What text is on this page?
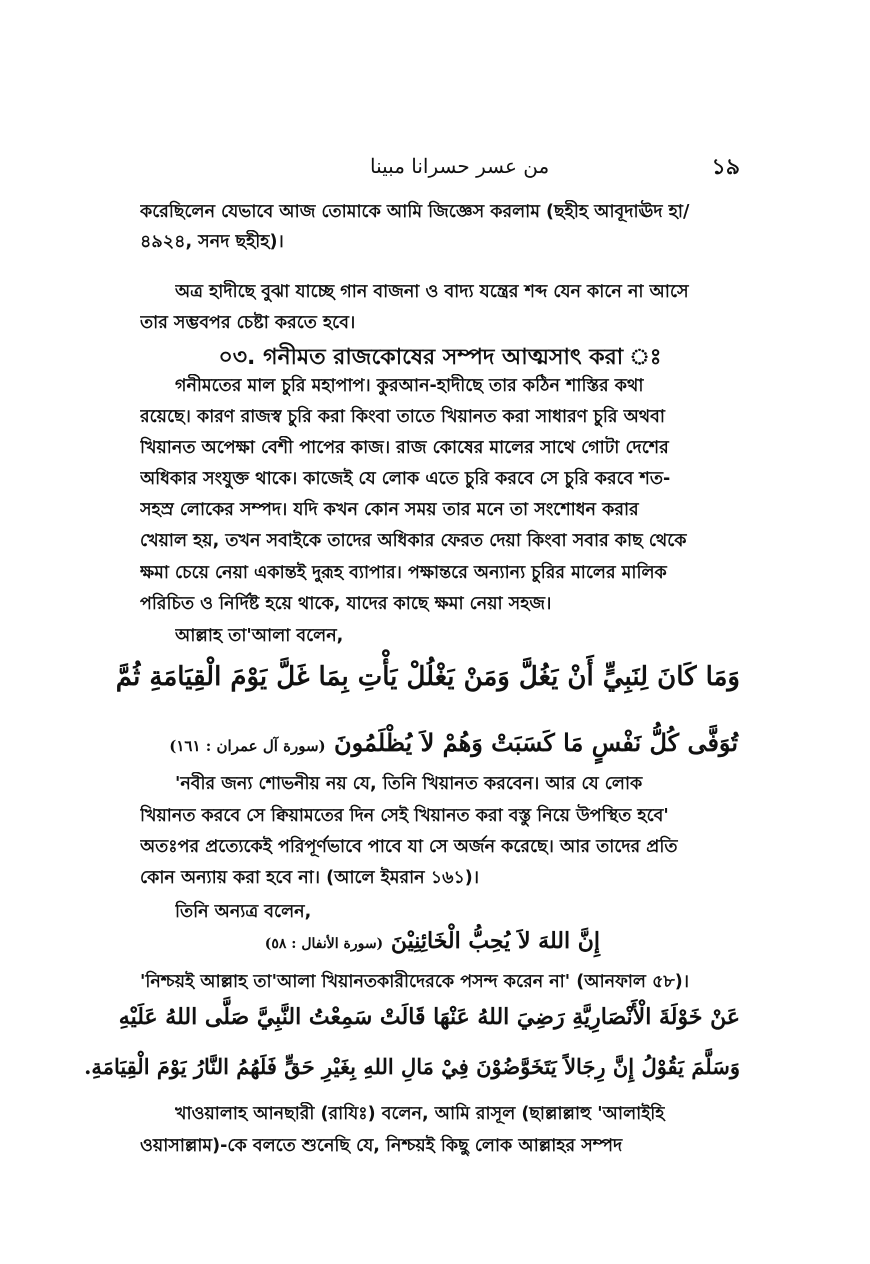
من عسر حسرانا مبينا	১৯
করেছিলেন যেভাবে আজ তোমাকে আমি জিজ্ঞেস করলাম (ছহীহ আবূদাঊদ হা/
৪৯২৪, সনদ ছহীহ)।
অত্র হাদীছে বুঝা যাচ্ছে গান বাজনা ও বাদ্য যন্ত্রের শব্দ যেন কানে না আসে
তার সম্ভবপর চেষ্টা করতে হবে।
০৩. গনীমত রাজকোষের সম্পদ আত্মসাৎ করা ঃ
গনীমতের মাল চুরি মহাপাপ। কুরআন-হাদীছে তার কঠিন শাস্তির কথা
রয়েছে। কারণ রাজস্ব চুরি করা কিংবা তাতে খিয়ানত করা সাধারণ চুরি অথবা
খিয়ানত অপেক্ষা বেশী পাপের কাজ। রাজ কোষের মালের সাথে গোটা দেশের
অধিকার সংযুক্ত থাকে। কাজেই যে লোক এতে চুরি করবে সে চুরি করবে শত-
সহস্র লোকের সম্পদ। যদি কখন কোন সময় তার মনে তা সংশোধন করার
খেয়াল হয়, তখন সবাইকে তাদের অধিকার ফেরত দেয়া কিংবা সবার কাছ থেকে
ক্ষমা চেয়ে নেয়া একান্তই দুরূহ ব্যাপার। পক্ষান্তরে অন্যান্য চুরির মালের মালিক
পরিচিত ও নির্দিষ্ট হয়ে থাকে, যাদের কাছে ক্ষমা নেয়া সহজ।
আল্লাহ তা'আলা বলেন,
وَمَا كَانَ لِنَبِيٍّ أَنْ يَغُلَّ وَمَنْ يَغْلُلْ يَأْتِ بِمَا غَلَّ يَوْمَ الْقِيَامَةِ ثُمَّ
تُوَفَّى كُلُّ نَفْسٍ مَا كَسَبَتْ وَهُمْ لاَ يُظْلَمُونَ (سورة آل عمران : ١٦١)
'নবীর জন্য শোভনীয় নয় যে, তিনি খিয়ানত করবেন। আর যে লোক
খিয়ানত করবে সে ক্বিয়ামতের দিন সেই খিয়ানত করা বস্তু নিয়ে উপস্থিত হবে'
অতঃপর প্রত্যেকেই পরিপূর্ণভাবে পাবে যা সে অর্জন করেছে। আর তাদের প্রতি
কোন অন্যায় করা হবে না। (আলে ইমরান ১৬১)।
তিনি অন্যত্র বলেন,
إِنَّ اللهَ لاَ يُحِبُّ الْخَائِنِيْنَ (سورة الأنفال : ٥٨)
'নিশ্চয়ই আল্লাহ তা'আলা খিয়ানতকারীদেরকে পসন্দ করেন না' (আনফাল ৫৮)।
عَنْ خَوْلَةَ الْأَنْصَارِيَّةِ رَضِيَ اللهُ عَنْهَا قَالَتْ سَمِعْتُ النَّبِيَّ صَلَّى اللهُ عَلَيْهِ
وَسَلَّمَ يَقُوْلُ إِنَّ رِجَالاً يَتَخَوَّضُوْنَ فِيْ مَالِ اللهِ بِغَيْرِ حَقٍّ فَلَهُمُ النَّارُ يَوْمَ الْقِيَامَةِ.
খাওয়ালাহ আনছারী (রাযিঃ) বলেন, আমি রাসূল (ছাল্লাল্লাহু 'আলাইহি
ওয়াসাল্লাম)-কে বলতে শুনেছি যে, নিশ্চয়ই কিছু লোক আল্লাহর সম্পদ
